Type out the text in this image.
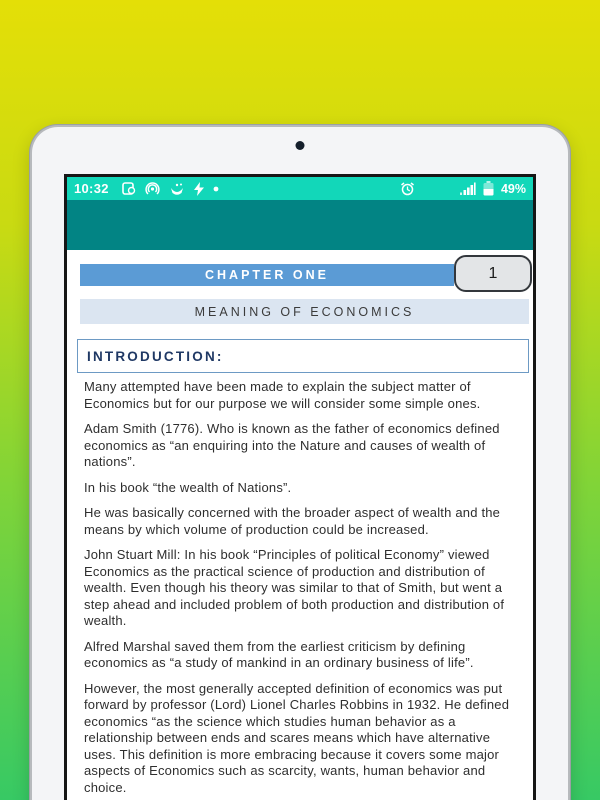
10:32	49%
CHAPTER ONE	1
MEANING OF ECONOMICS
INTRODUCTION:

Many attempted have been made to explain the subject matter of Economics but for our purpose we will consider some simple ones.

Adam Smith (1776). Who is known as the father of economics defined economics as “an enquiring into the Nature and causes of wealth of nations”.

In his book “the wealth of Nations”.

He was basically concerned with the broader aspect of wealth and the means by which volume of production could be increased.

John Stuart Mill: In his book “Principles of political Economy” viewed Economics as the practical science of production and distribution of wealth. Even though his theory was similar to that of Smith, but went a step ahead and included problem of both production and distribution of wealth.

Alfred Marshal saved them from the earliest criticism by defining economics as “a study of mankind in an ordinary business of life”.

However, the most generally accepted definition of economics was put forward by professor (Lord) Lionel Charles Robbins in 1932. He defined economics “as the science which studies human behavior as a relationship between ends and scares means which have alternative uses. This definition is more embracing because it covers some major aspects of Economics such as scarcity, wants, human behavior and choice.
